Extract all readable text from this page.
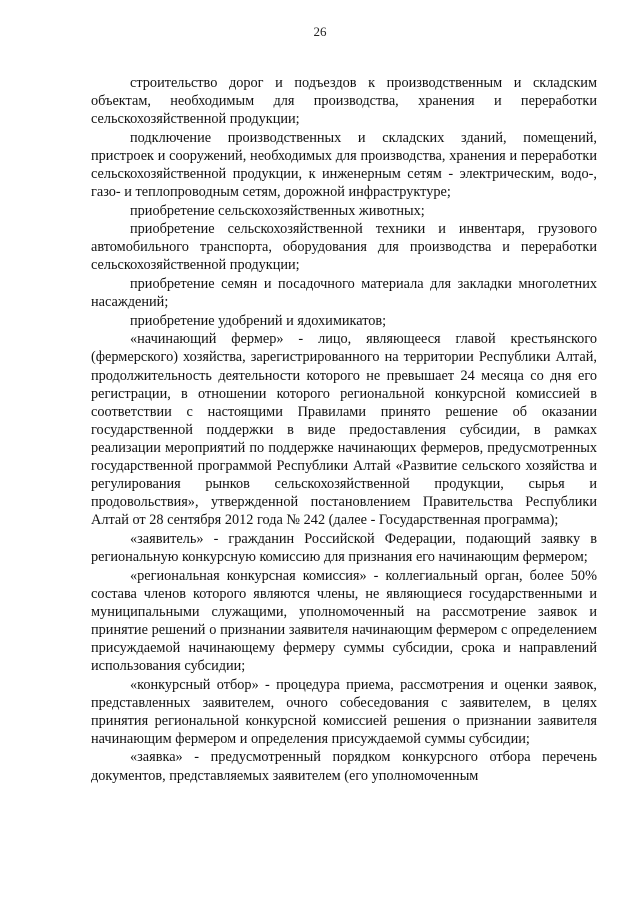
26

строительство дорог и подъездов к производственным и складским объектам, необходимым для производства, хранения и переработки сельскохозяйственной продукции;

подключение производственных и складских зданий, помещений, пристроек и сооружений, необходимых для производства, хранения и переработки сельскохозяйственной продукции, к инженерным сетям - электрическим, водо-, газо- и теплопроводным сетям, дорожной инфраструктуре;

приобретение сельскохозяйственных животных;

приобретение сельскохозяйственной техники и инвентаря, грузового автомобильного транспорта, оборудования для производства и переработки сельскохозяйственной продукции;

приобретение семян и посадочного материала для закладки многолетних насаждений;

приобретение удобрений и ядохимикатов;

«начинающий фермер» - лицо, являющееся главой крестьянского (фермерского) хозяйства, зарегистрированного на территории Республики Алтай, продолжительность деятельности которого не превышает 24 месяца со дня его регистрации, в отношении которого региональной конкурсной комиссией в соответствии с настоящими Правилами принято решение об оказании государственной поддержки в виде предоставления субсидии, в рамках реализации мероприятий по поддержке начинающих фермеров, предусмотренных государственной программой Республики Алтай «Развитие сельского хозяйства и регулирования рынков сельскохозяйственной продукции, сырья и продовольствия», утвержденной постановлением Правительства Республики Алтай от 28 сентября 2012 года № 242 (далее - Государственная программа);

«заявитель» - гражданин Российской Федерации, подающий заявку в региональную конкурсную комиссию для признания его начинающим фермером;

«региональная конкурсная комиссия» - коллегиальный орган, более 50% состава членов которого являются члены, не являющиеся государственными и муниципальными служащими, уполномоченный на рассмотрение заявок и принятие решений о признании заявителя начинающим фермером с определением присуждаемой начинающему фермеру суммы субсидии, срока и направлений использования субсидии;

«конкурсный отбор» - процедура приема, рассмотрения и оценки заявок, представленных заявителем, очного собеседования с заявителем, в целях принятия региональной конкурсной комиссией решения о признании заявителя начинающим фермером и определения присуждаемой суммы субсидии;

«заявка» - предусмотренный порядком конкурсного отбора перечень документов, представляемых заявителем (его уполномоченным
